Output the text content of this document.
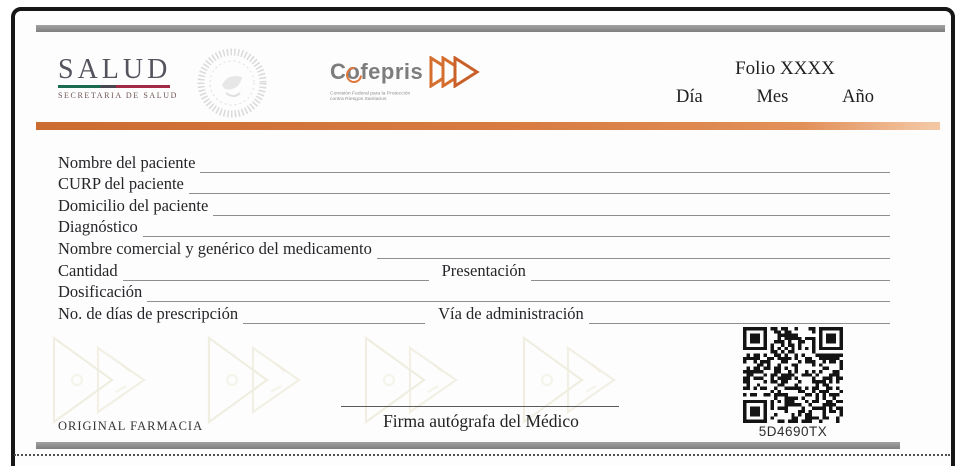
SALUD
SECRETARIA DE SALUD
Cofepris
Comisión Federal para la Protección
contra Riesgos Sanitarios
Folio XXXX
Día	Mes	Año
Nombre del paciente
CURP del paciente
Domicilio del paciente
Diagnóstico
Nombre comercial y genérico del medicamento
Cantidad	Presentación
Dosificación
No. de días de prescripción	Vía de administración
Firma autógrafa del Médico
ORIGINAL FARMACIA	5D4690TX
